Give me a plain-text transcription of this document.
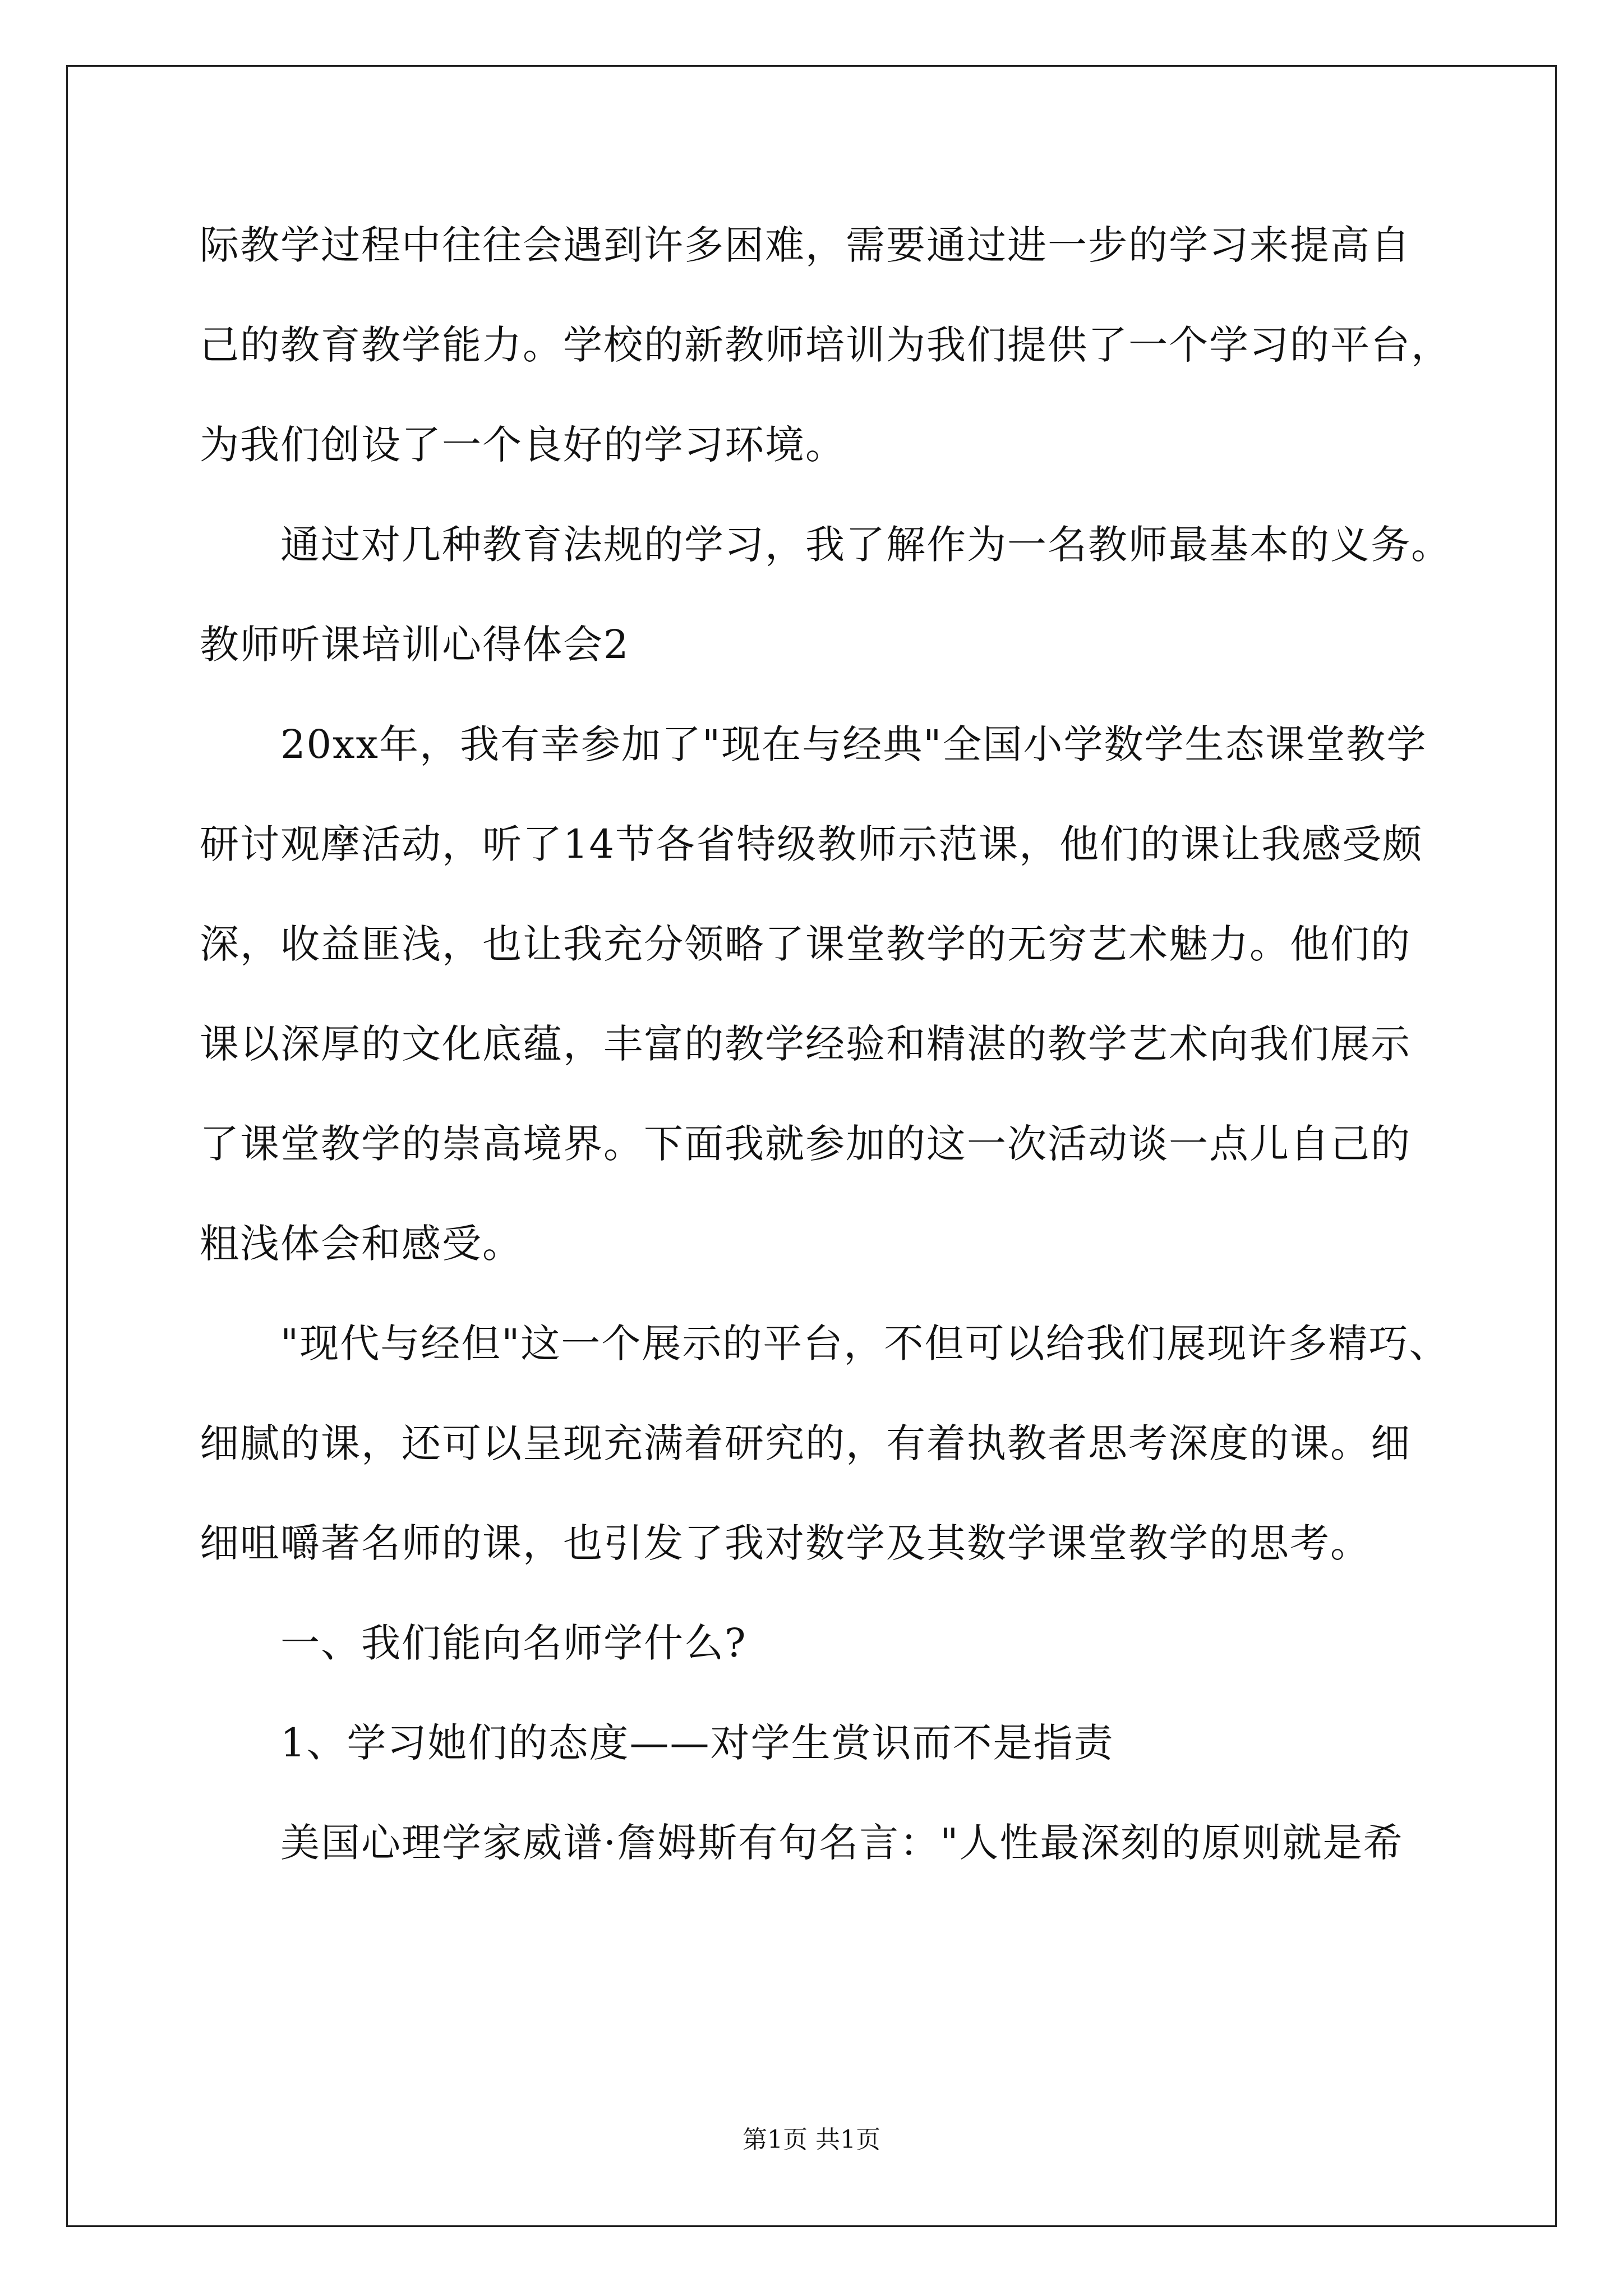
际教学过程中往往会遇到许多困难，需要通过进一步的学习来提高自
己的教育教学能力。学校的新教师培训为我们提供了一个学习的平台，
为我们创设了一个良好的学习环境。
通过对几种教育法规的学习，我了解作为一名教师最基本的义务。
教师听课培训心得体会2
20xx年，我有幸参加了"现在与经典"全国小学数学生态课堂教学
研讨观摩活动，听了14节各省特级教师示范课，他们的课让我感受颇
深，收益匪浅，也让我充分领略了课堂教学的无穷艺术魅力。他们的
课以深厚的文化底蕴，丰富的教学经验和精湛的教学艺术向我们展示
了课堂教学的崇高境界。下面我就参加的这一次活动谈一点儿自己的
粗浅体会和感受。
"现代与经但"这一个展示的平台，不但可以给我们展现许多精巧、
细腻的课，还可以呈现充满着研究的，有着执教者思考深度的课。细
细咀嚼著名师的课，也引发了我对数学及其数学课堂教学的思考。
一、我们能向名师学什么?
1、学习她们的态度——对学生赏识而不是指责
美国心理学家威谱·詹姆斯有句名言："人性最深刻的原则就是希
第1页 共1页
